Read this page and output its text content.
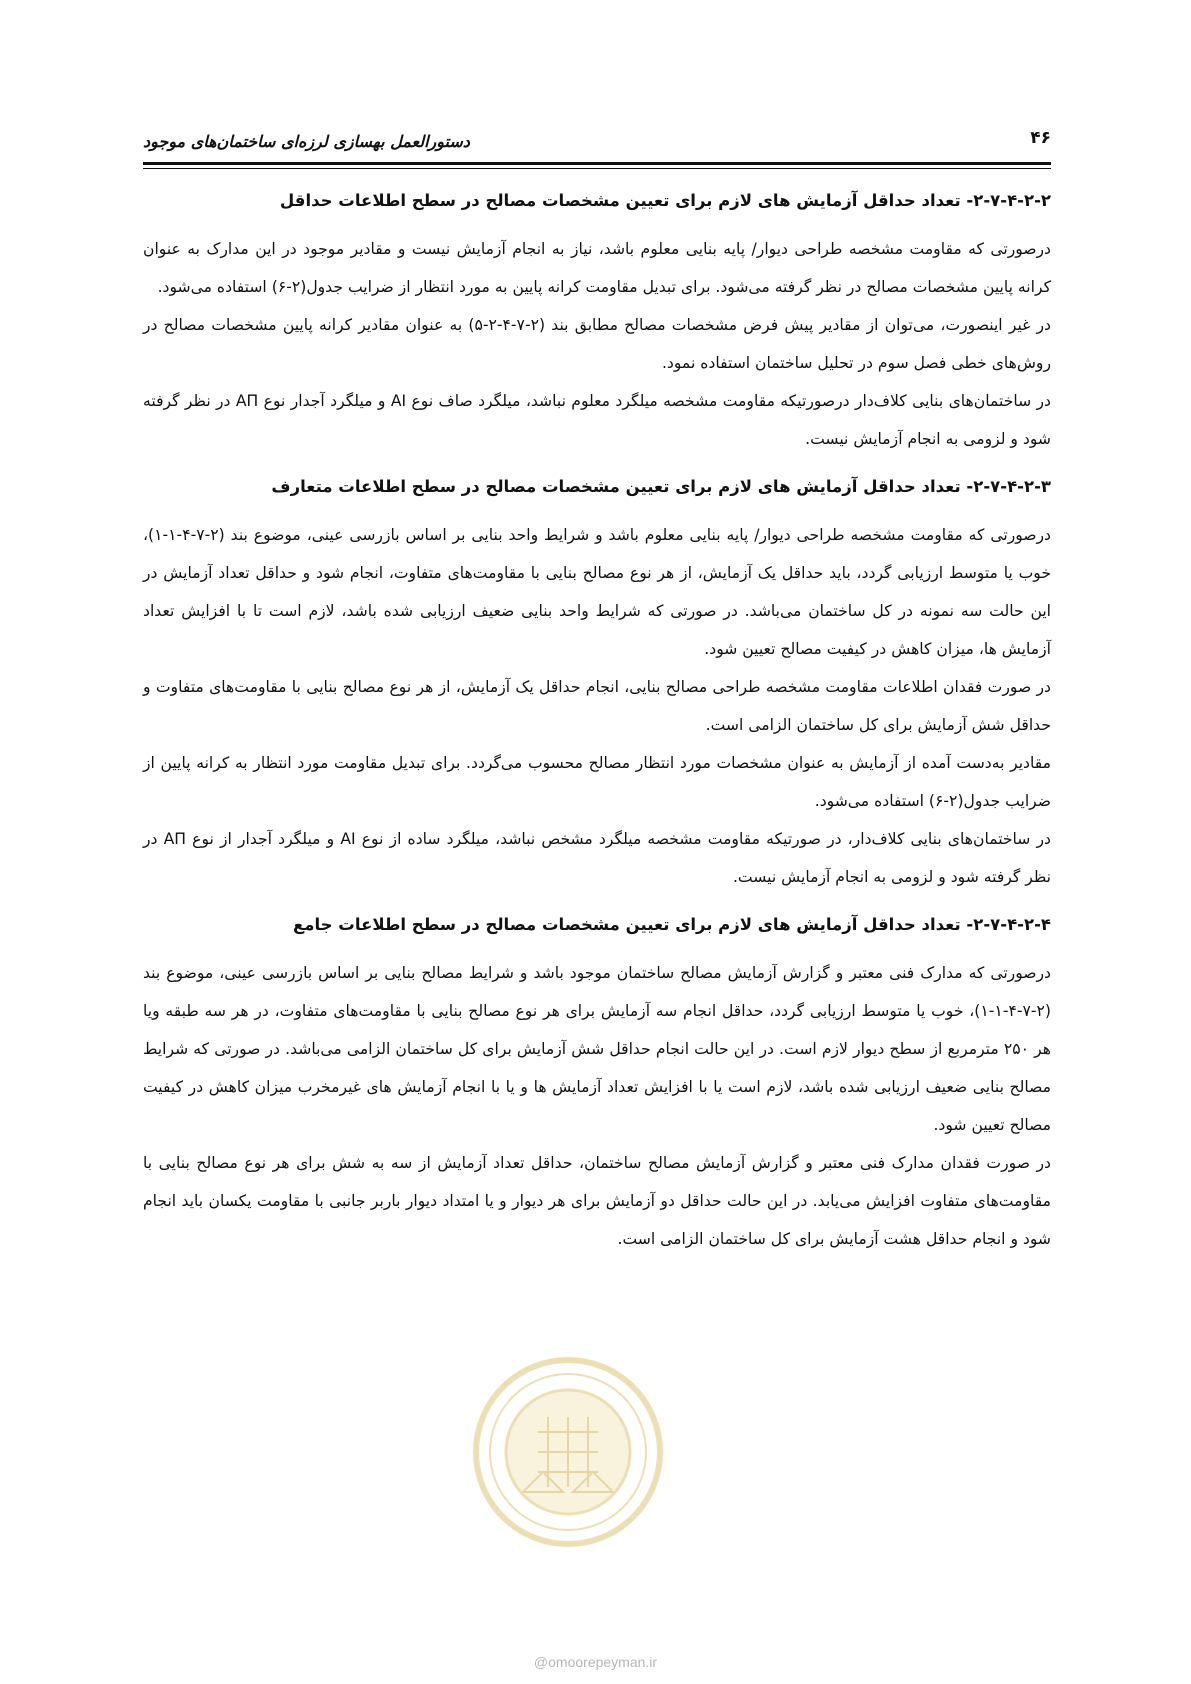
۴۶
دستورالعمل بهسازی لرزه‌ای ساختمان‌های موجود
۲-۷-۴-۲-۲- تعداد حداقل آزمایش های لازم برای تعیین مشخصات مصالح در سطح اطلاعات حداقل

درصورتی که مقاومت مشخصه طراحی دیوار/ پایه بنایی معلوم باشد، نیاز به انجام آزمایش نیست و مقادیر موجود در این مدارک به عنوان کرانه پایین مشخصات مصالح در نظر گرفته می‌شود. برای تبدیل مقاومت کرانه پایین به مورد انتظار از ضرایب جدول(۲-۶) استفاده می‌شود.

در غیر اینصورت، می‌توان از مقادیر پیش فرض مشخصات مصالح مطابق بند (۲-۷-۴-۲-۵) به عنوان مقادیر کرانه پایین مشخصات مصالح در روش‌های خطی فصل سوم در تحلیل ساختمان استفاده نمود.

در ساختمان‌های بنایی کلاف‌دار درصورتیکه مقاومت مشخصه میلگرد معلوم نباشد، میلگرد صاف نوع AI و میلگرد آجدار نوع AΠ در نظر گرفته شود و لزومی به انجام آزمایش نیست.

۲-۷-۴-۲-۳- تعداد حداقل آزمایش های لازم برای تعیین مشخصات مصالح در سطح اطلاعات متعارف

درصورتی که مقاومت مشخصه طراحی دیوار/ پایه بنایی معلوم باشد و شرایط واحد بنایی بر اساس بازرسی عینی، موضوع بند (۲-۷-۴-۱-۱)، خوب یا متوسط ارزیابی گردد، باید حداقل یک آزمایش، از هر نوع مصالح بنایی با مقاومت‌های متفاوت، انجام شود و حداقل تعداد آزمایش در این حالت سه نمونه در کل ساختمان می‌باشد. در صورتی که شرایط واحد بنایی ضعیف ارزیابی شده باشد، لازم است تا با افزایش تعداد آزمایش ها، میزان کاهش در کیفیت مصالح تعیین شود.

در صورت فقدان اطلاعات مقاومت مشخصه طراحی مصالح بنایی، انجام حداقل یک آزمایش، از هر نوع مصالح بنایی با مقاومت‌های متفاوت و حداقل شش آزمایش برای کل ساختمان الزامی است.

مقادیر به‌دست آمده از آزمایش به عنوان مشخصات مورد انتظار مصالح محسوب می‌گردد. برای تبدیل مقاومت مورد انتظار به کرانه پایین از ضرایب جدول(۲-۶) استفاده می‌شود.

در ساختمان‌های بنایی کلاف‌دار، در صورتیکه مقاومت مشخصه میلگرد مشخص نباشد، میلگرد ساده از نوع AI و میلگرد آجدار از نوع AΠ در نظر گرفته شود و لزومی به انجام آزمایش نیست.

۲-۷-۴-۲-۴- تعداد حداقل آزمایش های لازم برای تعیین مشخصات مصالح در سطح اطلاعات جامع

درصورتی که مدارک فنی معتبر و گزارش آزمایش مصالح ساختمان موجود باشد و شرایط مصالح بنایی بر اساس بازرسی عینی، موضوع بند (۲-۷-۴-۱-۱)، خوب یا متوسط ارزیابی گردد، حداقل انجام سه آزمایش برای هر نوع مصالح بنایی با مقاومت‌های متفاوت، در هر سه طبقه ویا هر ۲۵۰ مترمربع از سطح دیوار لازم است. در این حالت انجام حداقل شش آزمایش برای کل ساختمان الزامی می‌باشد. در صورتی که شرایط مصالح بنایی ضعیف ارزیابی شده باشد، لازم است یا با افزایش تعداد آزمایش ها و یا با انجام آزمایش های غیرمخرب میزان کاهش در کیفیت مصالح تعیین شود.

در صورت فقدان مدارک فنی معتبر و گزارش آزمایش مصالح ساختمان، حداقل تعداد آزمایش از سه به شش برای هر نوع مصالح بنایی با مقاومت‌های متفاوت افزایش می‌یابد. در این حالت حداقل دو آزمایش برای هر دیوار و یا امتداد دیوار باربر جانبی با مقاومت یکسان باید انجام شود و انجام حداقل هشت آزمایش برای کل ساختمان الزامی است.

@omoorepeyman.ir
